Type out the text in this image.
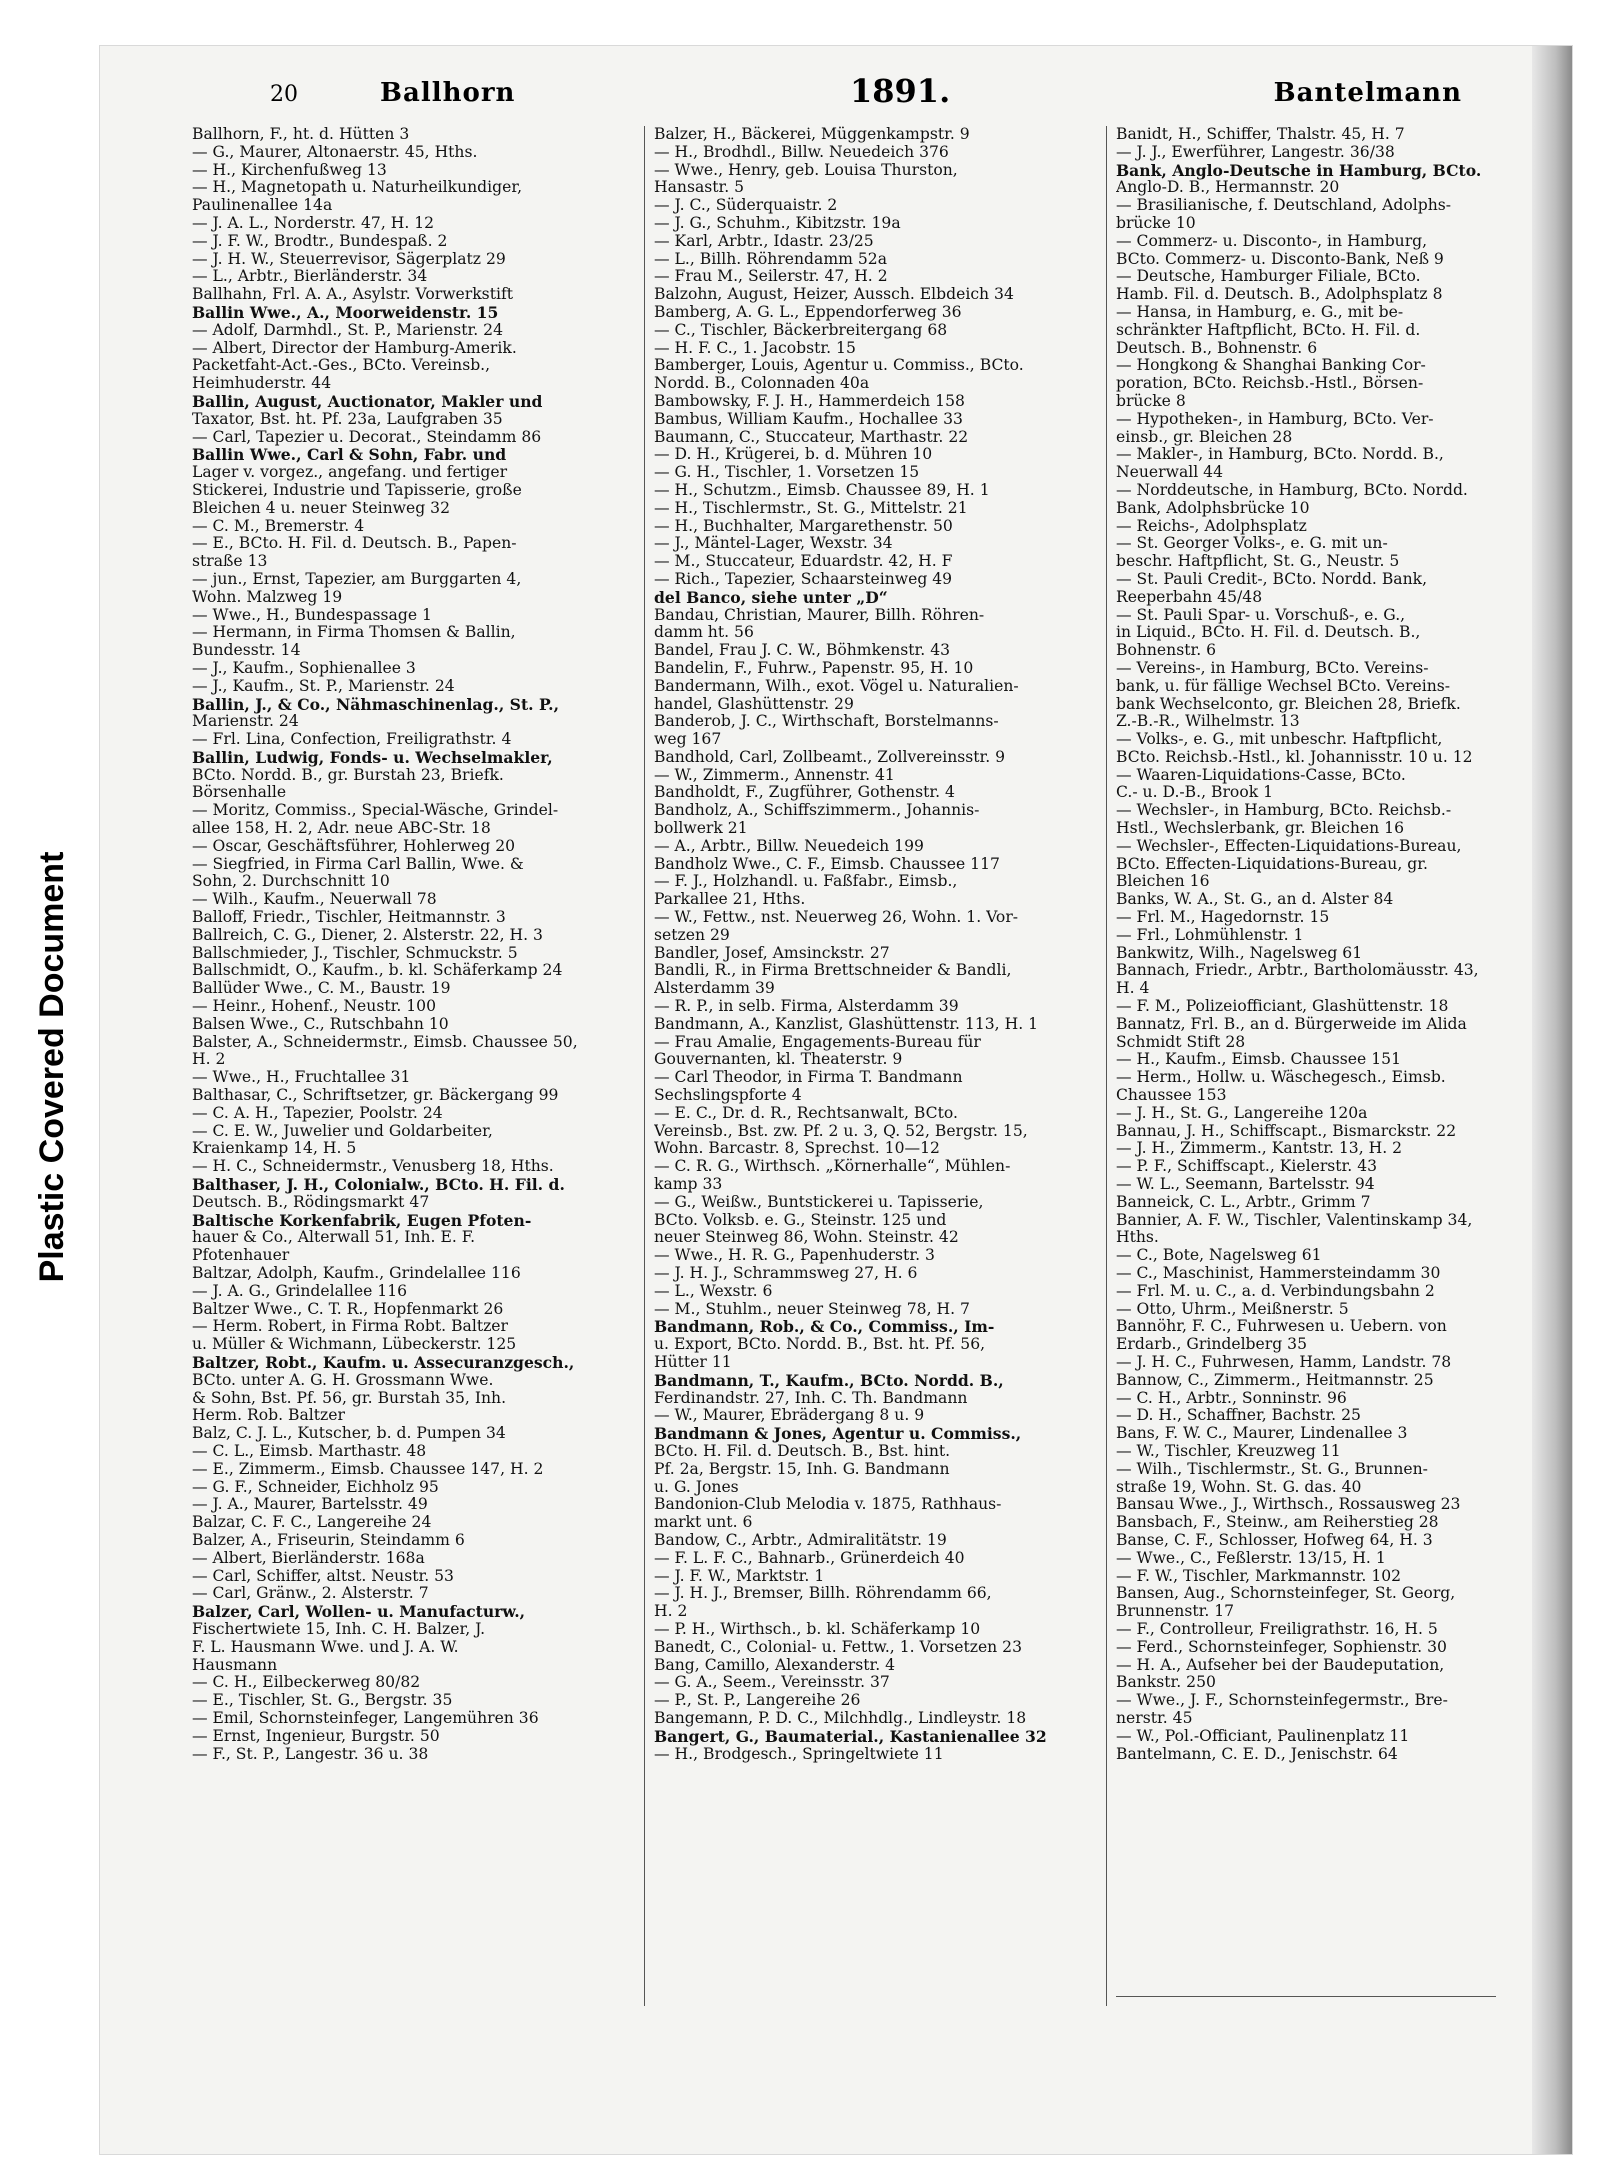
Plastic Covered Document
20	Ballhorn	1891.	Bantelmann
Ballhorn, F., ht. d. Hütten 3
— G., Maurer, Altonaerstr. 45, Hths.
— H., Kirchenfußweg 13
— H., Magnetopath u. Naturheilkundiger,
Paulinenallee 14a
— J. A. L., Norderstr. 47, H. 12
— J. F. W., Brodtr., Bundespaß. 2
— J. H. W., Steuerrevisor, Sägerplatz 29
— L., Arbtr., Bierländerstr. 34
Ballhahn, Frl. A. A., Asylstr. Vorwerkstift
Ballin Wwe., A., Moorweidenstr. 15
— Adolf, Darmhdl., St. P., Marienstr. 24
— Albert, Director der Hamburg-Amerik.
Packetfaht-Act.-Ges., BCto. Vereinsb.,
Heimhuderstr. 44
Ballin, August, Auctionator, Makler und
Taxator, Bst. ht. Pf. 23a, Laufgraben 35
— Carl, Tapezier u. Decorat., Steindamm 86
Ballin Wwe., Carl & Sohn, Fabr. und
Lager v. vorgez., angefang. und fertiger
Stickerei, Industrie und Tapisserie, große
Bleichen 4 u. neuer Steinweg 32
— C. M., Bremerstr. 4
— E., BCto. H. Fil. d. Deutsch. B., Papen-
straße 13
— jun., Ernst, Tapezier, am Burggarten 4,
Wohn. Malzweg 19
— Wwe., H., Bundespassage 1
— Hermann, in Firma Thomsen & Ballin,
Bundesstr. 14
— J., Kaufm., Sophienallee 3
— J., Kaufm., St. P., Marienstr. 24
Ballin, J., & Co., Nähmaschinenlag., St. P.,
Marienstr. 24
— Frl. Lina, Confection, Freiligrathstr. 4
Ballin, Ludwig, Fonds- u. Wechselmakler,
BCto. Nordd. B., gr. Burstah 23, Briefk.
Börsenhalle
— Moritz, Commiss., Special-Wäsche, Grindel-
allee 158, H. 2, Adr. neue ABC-Str. 18
— Oscar, Geschäftsführer, Hohlerweg 20
— Siegfried, in Firma Carl Ballin, Wwe. &
Sohn, 2. Durchschnitt 10
— Wilh., Kaufm., Neuerwall 78
Balloff, Friedr., Tischler, Heitmannstr. 3
Ballreich, C. G., Diener, 2. Alsterstr. 22, H. 3
Ballschmieder, J., Tischler, Schmuckstr. 5
Ballschmidt, O., Kaufm., b. kl. Schäferkamp 24
Ballüder Wwe., C. M., Baustr. 19
— Heinr., Hohenf., Neustr. 100
Balsen Wwe., C., Rutschbahn 10
Balster, A., Schneidermstr., Eimsb. Chaussee 50,
H. 2
— Wwe., H., Fruchtallee 31
Balthasar, C., Schriftsetzer, gr. Bäckergang 99
— C. A. H., Tapezier, Poolstr. 24
— C. E. W., Juwelier und Goldarbeiter,
Kraienkamp 14, H. 5
— H. C., Schneidermstr., Venusberg 18, Hths.
Balthaser, J. H., Colonialw., BCto. H. Fil. d.
Deutsch. B., Rödingsmarkt 47
Baltische Korkenfabrik, Eugen Pfoten-
hauer & Co., Alterwall 51, Inh. E. F.
Pfotenhauer
Baltzar, Adolph, Kaufm., Grindelallee 116
— J. A. G., Grindelallee 116
Baltzer Wwe., C. T. R., Hopfenmarkt 26
— Herm. Robert, in Firma Robt. Baltzer
u. Müller & Wichmann, Lübeckerstr. 125
Baltzer, Robt., Kaufm. u. Assecuranzgesch.,
BCto. unter A. G. H. Grossmann Wwe.
& Sohn, Bst. Pf. 56, gr. Burstah 35, Inh.
Herm. Rob. Baltzer
Balz, C. J. L., Kutscher, b. d. Pumpen 34
— C. L., Eimsb. Marthastr. 48
— E., Zimmerm., Eimsb. Chaussee 147, H. 2
— G. F., Schneider, Eichholz 95
— J. A., Maurer, Bartelsstr. 49
Balzar, C. F. C., Langereihe 24
Balzer, A., Friseurin, Steindamm 6
— Albert, Bierländerstr. 168a
— Carl, Schiffer, altst. Neustr. 53
— Carl, Gränw., 2. Alsterstr. 7
Balzer, Carl, Wollen- u. Manufacturw.,
Fischertwiete 15, Inh. C. H. Balzer, J.
F. L. Hausmann Wwe. und J. A. W.
Hausmann
— C. H., Eilbeckerweg 80/82
— E., Tischler, St. G., Bergstr. 35
— Emil, Schornsteinfeger, Langemühren 36
— Ernst, Ingenieur, Burgstr. 50
— F., St. P., Langestr. 36 u. 38
Balzer, H., Bäckerei, Müggenkampstr. 9
— H., Brodhdl., Billw. Neuedeich 376
— Wwe., Henry, geb. Louisa Thurston,
Hansastr. 5
— J. C., Süderquaistr. 2
— J. G., Schuhm., Kibitzstr. 19a
— Karl, Arbtr., Idastr. 23/25
— L., Billh. Röhrendamm 52a
— Frau M., Seilerstr. 47, H. 2
Balzohn, August, Heizer, Aussch. Elbdeich 34
Bamberg, A. G. L., Eppendorferweg 36
— C., Tischler, Bäckerbreitergang 68
— H. F. C., 1. Jacobstr. 15
Bamberger, Louis, Agentur u. Commiss., BCto.
Nordd. B., Colonnaden 40a
Bambowsky, F. J. H., Hammerdeich 158
Bambus, William Kaufm., Hochallee 33
Baumann, C., Stuccateur, Marthastr. 22
— D. H., Krügerei, b. d. Mühren 10
— G. H., Tischler, 1. Vorsetzen 15
— H., Schutzm., Eimsb. Chaussee 89, H. 1
— H., Tischlermstr., St. G., Mittelstr. 21
— H., Buchhalter, Margarethenstr. 50
— J., Mäntel-Lager, Wexstr. 34
— M., Stuccateur, Eduardstr. 42, H. F
— Rich., Tapezier, Schaarsteinweg 49
del Banco, siehe unter „D“
Bandau, Christian, Maurer, Billh. Röhren-
damm ht. 56
Bandel, Frau J. C. W., Böhmkenstr. 43
Bandelin, F., Fuhrw., Papenstr. 95, H. 10
Bandermann, Wilh., exot. Vögel u. Naturalien-
handel, Glashüttenstr. 29
Banderob, J. C., Wirthschaft, Borstelmanns-
weg 167
Bandhold, Carl, Zollbeamt., Zollvereinsstr. 9
— W., Zimmerm., Annenstr. 41
Bandholdt, F., Zugführer, Gothenstr. 4
Bandholz, A., Schiffszimmerm., Johannis-
bollwerk 21
— A., Arbtr., Billw. Neuedeich 199
Bandholz Wwe., C. F., Eimsb. Chaussee 117
— F. J., Holzhandl. u. Faßfabr., Eimsb.,
Parkallee 21, Hths.
— W., Fettw., nst. Neuerweg 26, Wohn. 1. Vor-
setzen 29
Bandler, Josef, Amsinckstr. 27
Bandli, R., in Firma Brettschneider & Bandli,
Alsterdamm 39
— R. P., in selb. Firma, Alsterdamm 39
Bandmann, A., Kanzlist, Glashüttenstr. 113, H. 1
— Frau Amalie, Engagements-Bureau für
Gouvernanten, kl. Theaterstr. 9
— Carl Theodor, in Firma T. Bandmann
Sechslingspforte 4
— E. C., Dr. d. R., Rechtsanwalt, BCto.
Vereinsb., Bst. zw. Pf. 2 u. 3, Q. 52, Bergstr. 15,
Wohn. Barcastr. 8, Sprechst. 10—12
— C. R. G., Wirthsch. „Körnerhalle“, Mühlen-
kamp 33
— G., Weißw., Buntstickerei u. Tapisserie,
BCto. Volksb. e. G., Steinstr. 125 und
neuer Steinweg 86, Wohn. Steinstr. 42
— Wwe., H. R. G., Papenhuderstr. 3
— J. H. J., Schrammsweg 27, H. 6
— L., Wexstr. 6
— M., Stuhlm., neuer Steinweg 78, H. 7
Bandmann, Rob., & Co., Commiss., Im-
u. Export, BCto. Nordd. B., Bst. ht. Pf. 56,
Hütter 11
Bandmann, T., Kaufm., BCto. Nordd. B.,
Ferdinandstr. 27, Inh. C. Th. Bandmann
— W., Maurer, Ebrädergang 8 u. 9
Bandmann & Jones, Agentur u. Commiss.,
BCto. H. Fil. d. Deutsch. B., Bst. hint.
Pf. 2a, Bergstr. 15, Inh. G. Bandmann
u. G. Jones
Bandonion-Club Melodia v. 1875, Rathhaus-
markt unt. 6
Bandow, C., Arbtr., Admiralitätstr. 19
— F. L. F. C., Bahnarb., Grünerdeich 40
— J. F. W., Marktstr. 1
— J. H. J., Bremser, Billh. Röhrendamm 66,
H. 2
— P. H., Wirthsch., b. kl. Schäferkamp 10
Banedt, C., Colonial- u. Fettw., 1. Vorsetzen 23
Bang, Camillo, Alexanderstr. 4
— G. A., Seem., Vereinsstr. 37
— P., St. P., Langereihe 26
Bangemann, P. D. C., Milchhdlg., Lindleystr. 18
Bangert, G., Baumaterial., Kastanienallee 32
— H., Brodgesch., Springeltwiete 11
Banidt, H., Schiffer, Thalstr. 45, H. 7
— J. J., Ewerführer, Langestr. 36/38
Bank, Anglo-Deutsche in Hamburg, BCto.
Anglo-D. B., Hermannstr. 20
— Brasilianische, f. Deutschland, Adolphs-
brücke 10
— Commerz- u. Disconto-, in Hamburg,
BCto. Commerz- u. Disconto-Bank, Neß 9
— Deutsche, Hamburger Filiale, BCto.
Hamb. Fil. d. Deutsch. B., Adolphsplatz 8
— Hansa, in Hamburg, e. G., mit be-
schränkter Haftpflicht, BCto. H. Fil. d.
Deutsch. B., Bohnenstr. 6
— Hongkong & Shanghai Banking Cor-
poration, BCto. Reichsb.-Hstl., Börsen-
brücke 8
— Hypotheken-, in Hamburg, BCto. Ver-
einsb., gr. Bleichen 28
— Makler-, in Hamburg, BCto. Nordd. B.,
Neuerwall 44
— Norddeutsche, in Hamburg, BCto. Nordd.
Bank, Adolphsbrücke 10
— Reichs-, Adolphsplatz
— St. Georger Volks-, e. G. mit un-
beschr. Haftpflicht, St. G., Neustr. 5
— St. Pauli Credit-, BCto. Nordd. Bank,
Reeperbahn 45/48
— St. Pauli Spar- u. Vorschuß-, e. G.,
in Liquid., BCto. H. Fil. d. Deutsch. B.,
Bohnenstr. 6
— Vereins-, in Hamburg, BCto. Vereins-
bank, u. für fällige Wechsel BCto. Vereins-
bank Wechselconto, gr. Bleichen 28, Briefk.
Z.-B.-R., Wilhelmstr. 13
— Volks-, e. G., mit unbeschr. Haftpflicht,
BCto. Reichsb.-Hstl., kl. Johannisstr. 10 u. 12
— Waaren-Liquidations-Casse, BCto.
C.- u. D.-B., Brook 1
— Wechsler-, in Hamburg, BCto. Reichsb.-
Hstl., Wechslerbank, gr. Bleichen 16
— Wechsler-, Effecten-Liquidations-Bureau,
BCto. Effecten-Liquidations-Bureau, gr.
Bleichen 16
Banks, W. A., St. G., an d. Alster 84
— Frl. M., Hagedornstr. 15
— Frl., Lohmühlenstr. 1
Bankwitz, Wilh., Nagelsweg 61
Bannach, Friedr., Arbtr., Bartholomäusstr. 43,
H. 4
— F. M., Polizeiofficiant, Glashüttenstr. 18
Bannatz, Frl. B., an d. Bürgerweide im Alida
Schmidt Stift 28
— H., Kaufm., Eimsb. Chaussee 151
— Herm., Hollw. u. Wäschegesch., Eimsb.
Chaussee 153
— J. H., St. G., Langereihe 120a
Bannau, J. H., Schiffscapt., Bismarckstr. 22
— J. H., Zimmerm., Kantstr. 13, H. 2
— P. F., Schiffscapt., Kielerstr. 43
— W. L., Seemann, Bartelsstr. 94
Banneick, C. L., Arbtr., Grimm 7
Bannier, A. F. W., Tischler, Valentinskamp 34,
Hths.
— C., Bote, Nagelsweg 61
— C., Maschinist, Hammersteindamm 30
— Frl. M. u. C., a. d. Verbindungsbahn 2
— Otto, Uhrm., Meißnerstr. 5
Bannöhr, F. C., Fuhrwesen u. Uebern. von
Erdarb., Grindelberg 35
— J. H. C., Fuhrwesen, Hamm, Landstr. 78
Bannow, C., Zimmerm., Heitmannstr. 25
— C. H., Arbtr., Sonninstr. 96
— D. H., Schaffner, Bachstr. 25
Bans, F. W. C., Maurer, Lindenallee 3
— W., Tischler, Kreuzweg 11
— Wilh., Tischlermstr., St. G., Brunnen-
straße 19, Wohn. St. G. das. 40
Bansau Wwe., J., Wirthsch., Rossausweg 23
Bansbach, F., Steinw., am Reiherstieg 28
Banse, C. F., Schlosser, Hofweg 64, H. 3
— Wwe., C., Feßlerstr. 13/15, H. 1
— F. W., Tischler, Markmannstr. 102
Bansen, Aug., Schornsteinfeger, St. Georg,
Brunnenstr. 17
— F., Controlleur, Freiligrathstr. 16, H. 5
— Ferd., Schornsteinfeger, Sophienstr. 30
— H. A., Aufseher bei der Baudeputation,
Bankstr. 250
— Wwe., J. F., Schornsteinfegermstr., Bre-
nerstr. 45
— W., Pol.-Officiant, Paulinenplatz 11
Bantelmann, C. E. D., Jenischstr. 64
